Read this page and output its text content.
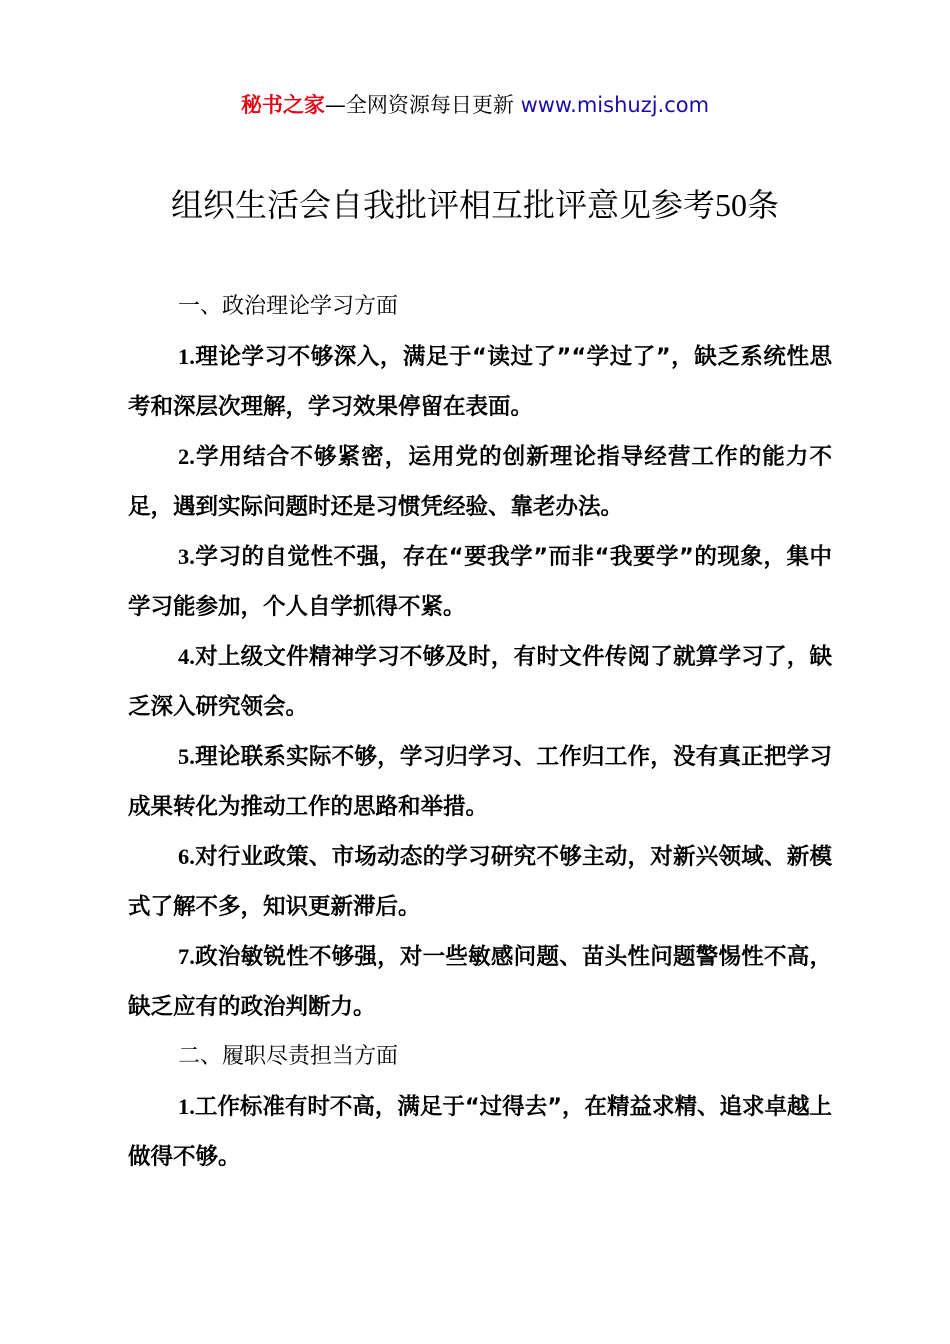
秘书之家—全网资源每日更新 www.mishuzj.com
组织生活会自我批评相互批评意见参考50条
一、政治理论学习方面

1.理论学习不够深入，满足于“读过了”“学过了”，缺乏系统性思考和深层次理解，学习效果停留在表面。

2.学用结合不够紧密，运用党的创新理论指导经营工作的能力不足，遇到实际问题时还是习惯凭经验、靠老办法。

3.学习的自觉性不强，存在“要我学”而非“我要学”的现象，集中学习能参加，个人自学抓得不紧。

4.对上级文件精神学习不够及时，有时文件传阅了就算学习了，缺乏深入研究领会。

5.理论联系实际不够，学习归学习、工作归工作，没有真正把学习成果转化为推动工作的思路和举措。

6.对行业政策、市场动态的学习研究不够主动，对新兴领域、新模式了解不多，知识更新滞后。

7.政治敏锐性不够强，对一些敏感问题、苗头性问题警惕性不高，缺乏应有的政治判断力。

二、履职尽责担当方面

1.工作标准有时不高，满足于“过得去”，在精益求精、追求卓越上做得不够。
